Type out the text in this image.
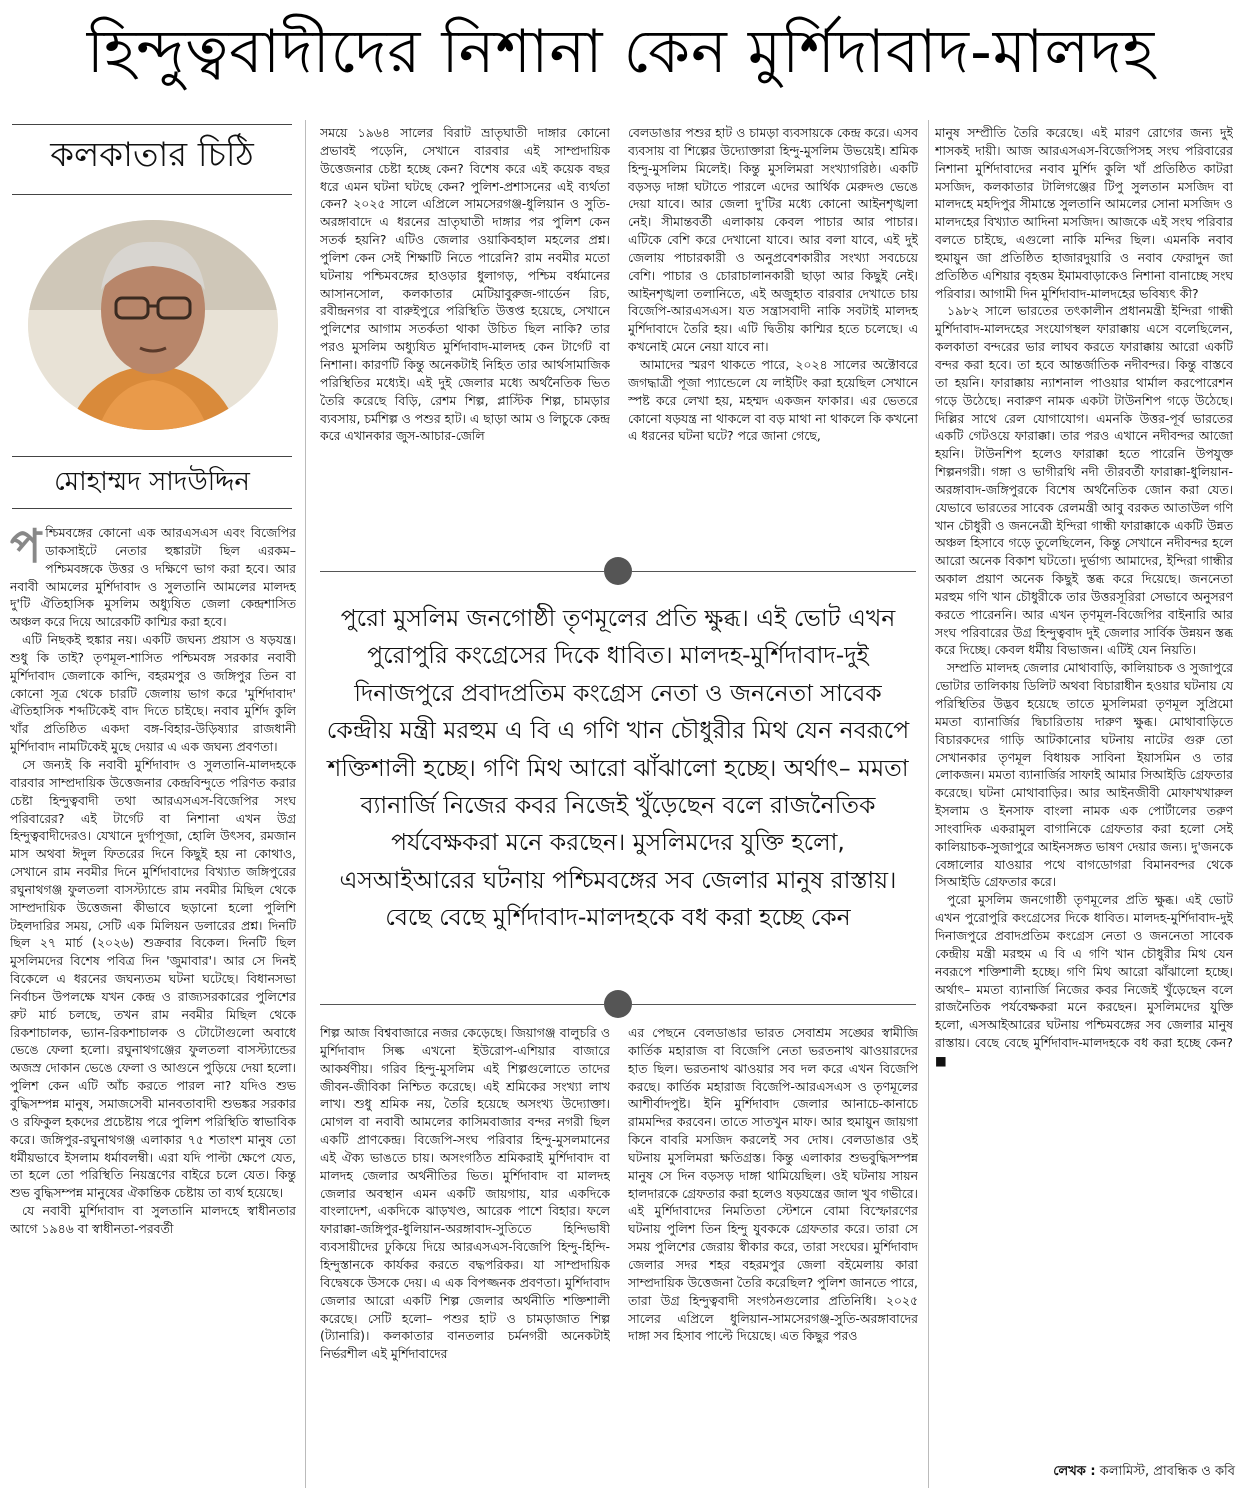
হিন্দুত্ববাদীদের নিশানা কেন মুর্শিদাবাদ-মালদহ
কলকাতার চিঠি
মোহাম্মদ সাদউদ্দিন

পশ্চিমবঙ্গের কোনো এক আরএসএস এবং বিজেপির ডাকসাইটে নেতার হুঙ্কারটা ছিল এরকম– পশ্চিমবঙ্গকে উত্তর ও দক্ষিণে ভাগ করা হবে। আর নবাবী আমলের মুর্শিদাবাদ ও সুলতানি আমলের মালদহ দু'টি ঐতিহাসিক মুসলিম অধ্যুষিত জেলা কেন্দ্রশাসিত অঞ্চল করে দিয়ে আরেকটি কাশ্মির করা হবে।

এটি নিছকই হুঙ্কার নয়। একটি জঘন্য প্রয়াস ও ষড়যন্ত্র। শুধু কি তাই? তৃণমূল-শাসিত পশ্চিমবঙ্গ সরকার নবাবী মুর্শিদাবাদ জেলাকে কান্দি, বহরমপুর ও জঙ্গিপুর তিন বা কোনো সূত্র থেকে চারটি জেলায় ভাগ করে 'মুর্শিদাবাদ' ঐতিহাসিক শব্দটিকেই বাদ দিতে চাইছে। নবাব মুর্শিদ কুলি খাঁর প্রতিষ্ঠিত একদা বঙ্গ-বিহার-উড়িষ্যার রাজধানী মুর্শিদাবাদ নামটিকেই মুছে দেয়ার এ এক জঘন্য প্রবণতা।

সে জন্যই কি নবাবী মুর্শিদাবাদ ও সুলতানি-মালদহকে বারবার সাম্প্রদায়িক উত্তেজনার কেন্দ্রবিন্দুতে পরিণত করার চেষ্টা হিন্দুত্ববাদী তথা আরএসএস-বিজেপির সংঘ পরিবারের? এই টার্গেট বা নিশানা এখন উগ্র হিন্দুত্ববাদীদেরও। যেখানে দুর্গাপূজা, হোলি উৎসব, রমজান মাস অথবা ঈদুল ফিতরের দিনে কিছুই হয় না কোথাও, সেখানে রাম নবমীর দিনে মুর্শিদাবাদের বিখ্যাত জঙ্গিপুরের রঘুনাথগঞ্জ ফুলতলা বাসস্ট্যান্ডে রাম নবমীর মিছিল থেকে সাম্প্রদায়িক উত্তেজনা কীভাবে ছড়ানো হলো পুলিশি টহলদারির সময়, সেটি এক মিলিয়ন ডলারের প্রশ্ন। দিনটি ছিল ২৭ মার্চ (২০২৬) শুক্রবার বিকেল। দিনটি ছিল মুসলিমদের বিশেষ পবিত্র দিন 'জুমাবার'। আর সে দিনই বিকেলে এ ধরনের জঘন্যতম ঘটনা ঘটেছে। বিধানসভা নির্বাচন উপলক্ষে যখন কেন্দ্র ও রাজ্যসরকারের পুলিশের রুট মার্চ চলছে, তখন রাম নবমীর মিছিল থেকে রিকশাচালক, ভ্যান-রিকশাচালক ও টোটোগুলো অবাধে ভেঙে ফেলা হলো। রঘুনাথগঞ্জের ফুলতলা বাসস্ট্যান্ডের অজস্র দোকান ভেঙে ফেলা ও আগুনে পুড়িয়ে দেয়া হলো। পুলিশ কেন এটি আঁচ করতে পারল না? যদিও শুভ বুদ্ধিসম্পন্ন মানুষ, সমাজসেবী মানবতাবাদী শুভঙ্কর সরকার ও রফিকুল হকদের প্রচেষ্টায় পরে পুলিশ পরিস্থিতি স্বাভাবিক করে। জঙ্গিপুর-রঘুনাথগঞ্জ এলাকার ৭৫ শতাংশ মানুষ তো ধর্মীয়ভাবে ইসলাম ধর্মাবলম্বী। এরা যদি পাল্টা ক্ষেপে যেত, তা হলে তো পরিস্থিতি নিয়ন্ত্রণের বাইরে চলে যেত। কিন্তু শুভ বুদ্ধিসম্পন্ন মানুষের ঐকান্তিক চেষ্টায় তা ব্যর্থ হয়েছে।

যে নবাবী মুর্শিদাবাদ বা সুলতানি মালদহে স্বাধীনতার আগে ১৯৪৬ বা স্বাধীনতা-পরবর্তী

সময়ে ১৯৬৪ সালের বিরাট ভ্রাতৃঘাতী দাঙ্গার কোনো প্রভাবই পড়েনি, সেখানে বারবার এই সাম্প্রদায়িক উত্তেজনার চেষ্টা হচ্ছে কেন? বিশেষ করে এই কয়েক বছর ধরে এমন ঘটনা ঘটছে কেন? পুলিশ-প্রশাসনের এই ব্যর্থতা কেন? ২০২৫ সালে এপ্রিলে সামসেরগঞ্জ-ধুলিয়ান ও সুতি-অরঙ্গাবাদে এ ধরনের ভ্রাতৃঘাতী দাঙ্গার পর পুলিশ কেন সতর্ক হয়নি? এটিও জেলার ওয়াকিবহাল মহলের প্রশ্ন। পুলিশ কেন সেই শিক্ষাটি নিতে পারেনি? রাম নবমীর মতো ঘটনায় পশ্চিমবঙ্গের হাওড়ার ধুলাগড়, পশ্চিম বর্ধমানের আসানসোল, কলকাতার মেটিয়াবুরুজ-গার্ডেন রিচ, রবীন্দ্রনগর বা বারুইপুরে পরিস্থিতি উত্তপ্ত হয়েছে, সেখানে পুলিশের আগাম সতর্কতা থাকা উচিত ছিল নাকি? তার পরও মুসলিম অধ্যুষিত মুর্শিদাবাদ-মালদহ কেন টার্গেট বা নিশানা। কারণটি কিন্তু অনেকটাই নিহিত তার আর্থসামাজিক পরিস্থিতির মধ্যেই। এই দুই জেলার মধ্যে অর্থনৈতিক ভিত তৈরি করেছে বিড়ি, রেশম শিল্প, প্লাস্টিক শিল্প, চামড়ার ব্যবসায়, চর্মশিল্প ও পশুর হাট। এ ছাড়া আম ও লিচুকে কেন্দ্র করে এখানকার জুস-আচার-জেলি

বেলডাঙার পশুর হাট ও চামড়া ব্যবসায়কে কেন্দ্র করে। এসব ব্যবসায় বা শিল্পের উদ্যোক্তারা হিন্দু-মুসলিম উভয়েই। শ্রমিক হিন্দু-মুসলিম মিলেই। কিন্তু মুসলিমরা সংখ্যাগরিষ্ঠ। একটি বড়সড় দাঙ্গা ঘটাতে পারলে এদের আর্থিক মেরুদণ্ড ভেঙে দেয়া যাবে। আর জেলা দু'টির মধ্যে কোনো আইনশৃঙ্খলা নেই। সীমান্তবর্তী এলাকায় কেবল পাচার আর পাচার। এটিকে বেশি করে দেখানো যাবে। আর বলা যাবে, এই দুই জেলায় পাচারকারী ও অনুপ্রবেশকারীর সংখ্যা সবচেয়ে বেশি। পাচার ও চোরাচালানকারী ছাড়া আর কিছুই নেই। আইনশৃঙ্খলা তলানিতে, এই অজুহাত বারবার দেখাতে চায় বিজেপি-আরএসএস। যত সন্ত্রাসবাদী নাকি সবটাই মালদহ মুর্শিদাবাদে তৈরি হয়। এটি দ্বিতীয় কাশ্মির হতে চলেছে। এ কখনোই মেনে নেয়া যাবে না।

আমাদের স্মরণ থাকতে পারে, ২০২৪ সালের অক্টোবরে জগদ্ধাত্রী পূজা প্যান্ডেলে যে লাইটিং করা হয়েছিল সেখানে স্পষ্ট করে লেখা হয়, মহম্মদ একজন ফাকার। এর ভেতরে কোনো ষড়যন্ত্র না থাকলে বা বড় মাথা না থাকলে কি কখনো এ ধরনের ঘটনা ঘটে? পরে জানা গেছে,

পুরো মুসলিম জনগোষ্ঠী তৃণমূলের প্রতি ক্ষুব্ধ। এই ভোট এখন পুরোপুরি কংগ্রেসের দিকে ধাবিত। মালদহ-মুর্শিদাবাদ-দুই দিনাজপুরে প্রবাদপ্রতিম কংগ্রেস নেতা ও জননেতা সাবেক কেন্দ্রীয় মন্ত্রী মরহুম এ বি এ গণি খান চৌধুরীর মিথ যেন নবরূপে শক্তিশালী হচ্ছে। গণি মিথ আরো ঝাঁঝালো হচ্ছে। অর্থাৎ– মমতা ব্যানার্জি নিজের কবর নিজেই খুঁড়েছেন বলে রাজনৈতিক পর্যবেক্ষকরা মনে করছেন। মুসলিমদের যুক্তি হলো, এসআইআরের ঘটনায় পশ্চিমবঙ্গের সব জেলার মানুষ রাস্তায়। বেছে বেছে মুর্শিদাবাদ-মালদহকে বধ করা হচ্ছে কেন

শিল্প আজ বিশ্ববাজারে নজর কেড়েছে। জিয়াগঞ্জ বালুচরি ও মুর্শিদাবাদ সিল্ক এখনো ইউরোপ-এশিয়ার বাজারে আকর্ষণীয়। গরিব হিন্দু-মুসলিম এই শিল্পগুলোতে তাদের জীবন-জীবিকা নিশ্চিত করেছে। এই শ্রমিকের সংখ্যা লাখ লাখ। শুধু শ্রমিক নয়, তৈরি হয়েছে অসংখ্য উদ্যোক্তা। মোগল বা নবাবী আমলের কাসিমবাজার বন্দর নগরী ছিল একটি প্রাণকেন্দ্র। বিজেপি-সংঘ পরিবার হিন্দু-মুসলমানের এই ঐক্য ভাঙতে চায়। অসংগঠিত শ্রমিকরাই মুর্শিদাবাদ বা মালদহ জেলার অর্থনীতির ভিত। মুর্শিদাবাদ বা মালদহ জেলার অবস্থান এমন একটি জায়গায়, যার একদিকে বাংলাদেশ, একদিকে ঝাড়খণ্ড, আরেক পাশে বিহার। ফলে ফারাক্কা-জঙ্গিপুর-ধুলিয়ান-অরঙ্গাবাদ-সুতিতে হিন্দিভাষী ব্যবসায়ীদের ঢুকিয়ে দিয়ে আরএসএস-বিজেপি হিন্দু-হিন্দি-হিন্দুস্তানকে কার্যকর করতে বদ্ধপরিকর। যা সাম্প্রদায়িক বিদ্বেষকে উসকে দেয়। এ এক বিপজ্জনক প্রবণতা। মুর্শিদাবাদ জেলার আরো একটি শিল্প জেলার অর্থনীতি শক্তিশালী করেছে। সেটি হলো– পশুর হাট ও চামড়াজাত শিল্প (ট্যানারি)। কলকাতার বানতলার চর্মনগরী অনেকটাই নির্ভরশীল এই মুর্শিদাবাদের

এর পেছনে বেলডাঙার ভারত সেবাশ্রম সঙ্ঘের স্বামীজি কার্তিক মহারাজ বা বিজেপি নেতা ভরতনাথ ঝাওয়ারদের হাত ছিল। ভরতনাথ ঝাওয়ার সব দল করে এখন বিজেপি করছে। কার্তিক মহারাজ বিজেপি-আরএসএস ও তৃণমূলের আশীর্বাদপুষ্ট। ইনি মুর্শিদাবাদ জেলার আনাচে-কানাচে রামমন্দির করবেন। তাতে সাতখুন মাফ। আর হুমায়ুন জায়গা কিনে বাবরি মসজিদ করলেই সব দোষ। বেলডাঙার ওই ঘটনায় মুসলিমরা ক্ষতিগ্রস্ত। কিন্তু এলাকার শুভবুদ্ধিসম্পন্ন মানুষ সে দিন বড়সড় দাঙ্গা থামিয়েছিল। ওই ঘটনায় সায়ন হালদারকে গ্রেফতার করা হলেও ষড়যন্ত্রের জাল খুব গভীরে। এই মুর্শিদাবাদের নিমতিতা স্টেশনে বোমা বিস্ফোরণের ঘটনায় পুলিশ তিন হিন্দু যুবককে গ্রেফতার করে। তারা সে সময় পুলিশের জেরায় স্বীকার করে, তারা সংঘের। মুর্শিদাবাদ জেলার সদর শহর বহরমপুর জেলা বইমেলায় কারা সাম্প্রদায়িক উত্তেজনা তৈরি করেছিল? পুলিশ জানতে পারে, তারা উগ্র হিন্দুত্ববাদী সংগঠনগুলোর প্রতিনিধি। ২০২৫ সালের এপ্রিলে ধুলিয়ান-সামসেরগঞ্জ-সুতি-অরঙ্গাবাদের দাঙ্গা সব হিসাব পাল্টে দিয়েছে। এত কিছুর পরও

মানুষ সম্প্রীতি তৈরি করেছে। এই মারণ রোগের জন্য দুই শাসকই দায়ী। আজ আরএসএস-বিজেপিসহ সংঘ পরিবারের নিশানা মুর্শিদাবাদের নবাব মুর্শিদ কুলি খাঁ প্রতিষ্ঠিত কাটরা মসজিদ, কলকাতার টালিগঞ্জের টিপু সুলতান মসজিদ বা মালদহে মহদিপুর সীমান্তে সুলতানি আমলের সোনা মসজিদ ও মালদহের বিখ্যাত আদিনা মসজিদ। আজকে এই সংঘ পরিবার বলতে চাইছে, এগুলো নাকি মন্দির ছিল। এমনকি নবাব হুমায়ুন জা প্রতিষ্ঠিত হাজারদুয়ারি ও নবাব ফেরাদুন জা প্রতিষ্ঠিত এশিয়ার বৃহত্তম ইমামবাড়াকেও নিশানা বানাচ্ছে সংঘ পরিবার। আগামী দিন মুর্শিদাবাদ-মালদহের ভবিষ্যৎ কী?

১৯৮২ সালে ভারতের তৎকালীন প্রধানমন্ত্রী ইন্দিরা গান্ধী মুর্শিদাবাদ-মালদহের সংযোগস্থল ফারাক্কায় এসে বলেছিলেন, কলকাতা বন্দরের ভার লাঘব করতে ফারাক্কায় আরো একটি বন্দর করা হবে। তা হবে আন্তর্জাতিক নদীবন্দর। কিন্তু বাস্তবে তা হয়নি। ফারাক্কায় ন্যাশনাল পাওয়ার থার্মাল করপোরেশন গড়ে উঠেছে। নবারুণ নামক একটা টাউনশিপ গড়ে উঠেছে। দিল্লির সাথে রেল যোগাযোগ। এমনকি উত্তর-পূর্ব ভারতের একটি গেটওয়ে ফারাক্কা। তার পরও এখানে নদীবন্দর আজো হয়নি। টাউনশিপ হলেও ফারাক্কা হতে পারেনি উপযুক্ত শিল্পনগরী। গঙ্গা ও ভাগীরথি নদী তীরবর্তী ফারাক্কা-ধুলিয়ান-অরঙ্গাবাদ-জঙ্গিপুরকে বিশেষ অর্থনৈতিক জোন করা যেত। যেভাবে ভারতের সাবেক রেলমন্ত্রী আবু বরকত আতাউল গণি খান চৌধুরী ও জননেত্রী ইন্দিরা গান্ধী ফারাক্কাকে একটি উন্নত অঞ্চল হিসাবে গড়ে তুলেছিলেন, কিন্তু সেখানে নদীবন্দর হলে আরো অনেক বিকাশ ঘটতো। দুর্ভাগ্য আমাদের, ইন্দিরা গান্ধীর অকাল প্রয়াণ অনেক কিছুই স্তব্ধ করে দিয়েছে। জননেতা মরহুম গণি খান চৌধুরীকে তার উত্তরসূরিরা সেভাবে অনুসরণ করতে পারেননি। আর এখন তৃণমূল-বিজেপির বাইনারি আর সংঘ পরিবারের উগ্র হিন্দুত্ববাদ দুই জেলার সার্বিক উন্নয়ন স্তব্ধ করে দিচ্ছে। কেবল ধর্মীয় বিভাজন। এটিই যেন নিয়তি।

সম্প্রতি মালদহ জেলার মোথাবাড়ি, কালিয়াচক ও সুজাপুরে ভোটার তালিকায় ডিলিট অথবা বিচারাধীন হওয়ার ঘটনায় যে পরিস্থিতির উদ্ভব হয়েছে তাতে মুসলিমরা তৃণমূল সুপ্রিমো মমতা ব্যানার্জির দ্বিচারিতায় দারুণ ক্ষুব্ধ। মোথাবাড়িতে বিচারকদের গাড়ি আটকানোর ঘটনায় নাটের গুরু তো সেখানকার তৃণমূল বিধায়ক সাবিনা ইয়াসমিন ও তার লোকজন। মমতা ব্যানার্জির সাফাই আমার সিআইডি গ্রেফতার করেছে। ঘটনা মোথাবাড়ির। আর আইনজীবী মোফাখখারুল ইসলাম ও ইনসাফ বাংলা নামক এক পোর্টালের তরুণ সাংবাদিক একরামুল বাগানিকে গ্রেফতার করা হলো সেই কালিয়াচক-সুজাপুরে আইনসঙ্গত ভাষণ দেয়ার জন্য। দু'জনকে বেঙ্গালোর যাওয়ার পথে বাগডোগরা বিমানবন্দর থেকে সিআইডি গ্রেফতার করে।

পুরো মুসলিম জনগোষ্ঠী তৃণমূলের প্রতি ক্ষুব্ধ। এই ভোট এখন পুরোপুরি কংগ্রেসের দিকে ধাবিত। মালদহ-মুর্শিদাবাদ-দুই দিনাজপুরে প্রবাদপ্রতিম কংগ্রেস নেতা ও জননেতা সাবেক কেন্দ্রীয় মন্ত্রী মরহুম এ বি এ গণি খান চৌধুরীর মিথ যেন নবরূপে শক্তিশালী হচ্ছে। গণি মিথ আরো ঝাঁঝালো হচ্ছে। অর্থাৎ– মমতা ব্যানার্জি নিজের কবর নিজেই খুঁড়েছেন বলে রাজনৈতিক পর্যবেক্ষকরা মনে করছেন। মুসলিমদের যুক্তি হলো, এসআইআরের ঘটনায় পশ্চিমবঙ্গের সব জেলার মানুষ রাস্তায়। বেছে বেছে মুর্শিদাবাদ-মালদহকে বধ করা হচ্ছে কেন? ■

লেখক : কলামিস্ট, প্রাবন্ধিক ও কবি
